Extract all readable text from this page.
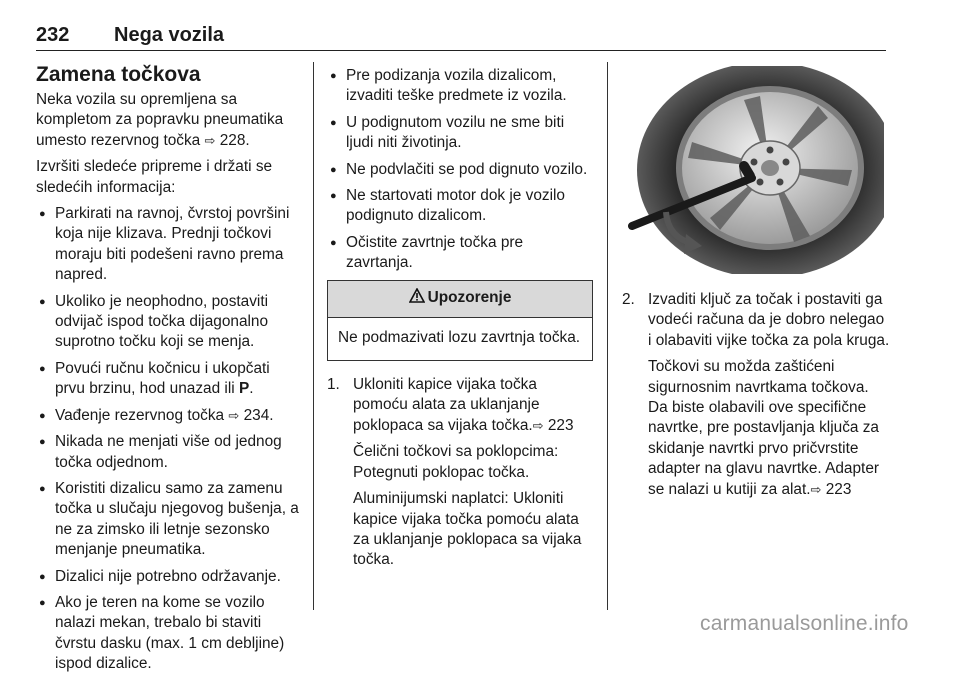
232 Nega vozila
Zamena točkova

Neka vozila su opremljena sa kompletom za popravku pneumatika umesto rezervnog točka ⇨ 228.

Izvršiti sledeće pripreme i držati se sledećih informacija:

● Parkirati na ravnoj, čvrstoj površini koja nije klizava. Prednji točkovi moraju biti podešeni ravno prema napred.
● Ukoliko je neophodno, postaviti odvijač ispod točka dijagonalno suprotno točku koji se menja.
● Povući ručnu kočnicu i ukopčati prvu brzinu, hod unazad ili P.
● Vađenje rezervnog točka ⇨ 234.
● Nikada ne menjati više od jednog točka odjednom.
● Koristiti dizalicu samo za zamenu točka u slučaju njegovog bušenja, a ne za zimsko ili letnje sezonsko menjanje pneumatika.
● Dizalici nije potrebno održavanje.
● Ako je teren na kome se vozilo nalazi mekan, trebalo bi staviti čvrstu dasku (max. 1 cm debljine) ispod dizalice.
● Pre podizanja vozila dizalicom, izvaditi teške predmete iz vozila.
● U podignutom vozilu ne sme biti ljudi niti životinja.
● Ne podvlačiti se pod dignuto vozilo.
● Ne startovati motor dok je vozilo podignuto dizalicom.
● Očistite zavrtnje točka pre zavrtanja.
Upozorenje
Ne podmazivati lozu zavrtnja točka.
1. Ukloniti kapice vijaka točka pomoću alata za uklanjanje poklopaca sa vijaka točka.⇨ 223

Čelični točkovi sa poklopcima: Potegnuti poklopac točka.

Aluminijumski naplatci: Ukloniti kapice vijaka točka pomoću alata za uklanjanje poklopaca sa vijaka točka.

2. Izvaditi ključ za točak i postaviti ga vodeći računa da je dobro nelegao i olabaviti vijke točka za pola kruga.

Točkovi su možda zaštićeni sigurnosnim navrtkama točkova. Da biste olabavili ove specifične navrtke, pre postavljanja ključa za skidanje navrtki prvo pričvrstite adapter na glavu navrtke. Adapter se nalazi u kutiji za alat.⇨ 223

carmanualsonline.info
